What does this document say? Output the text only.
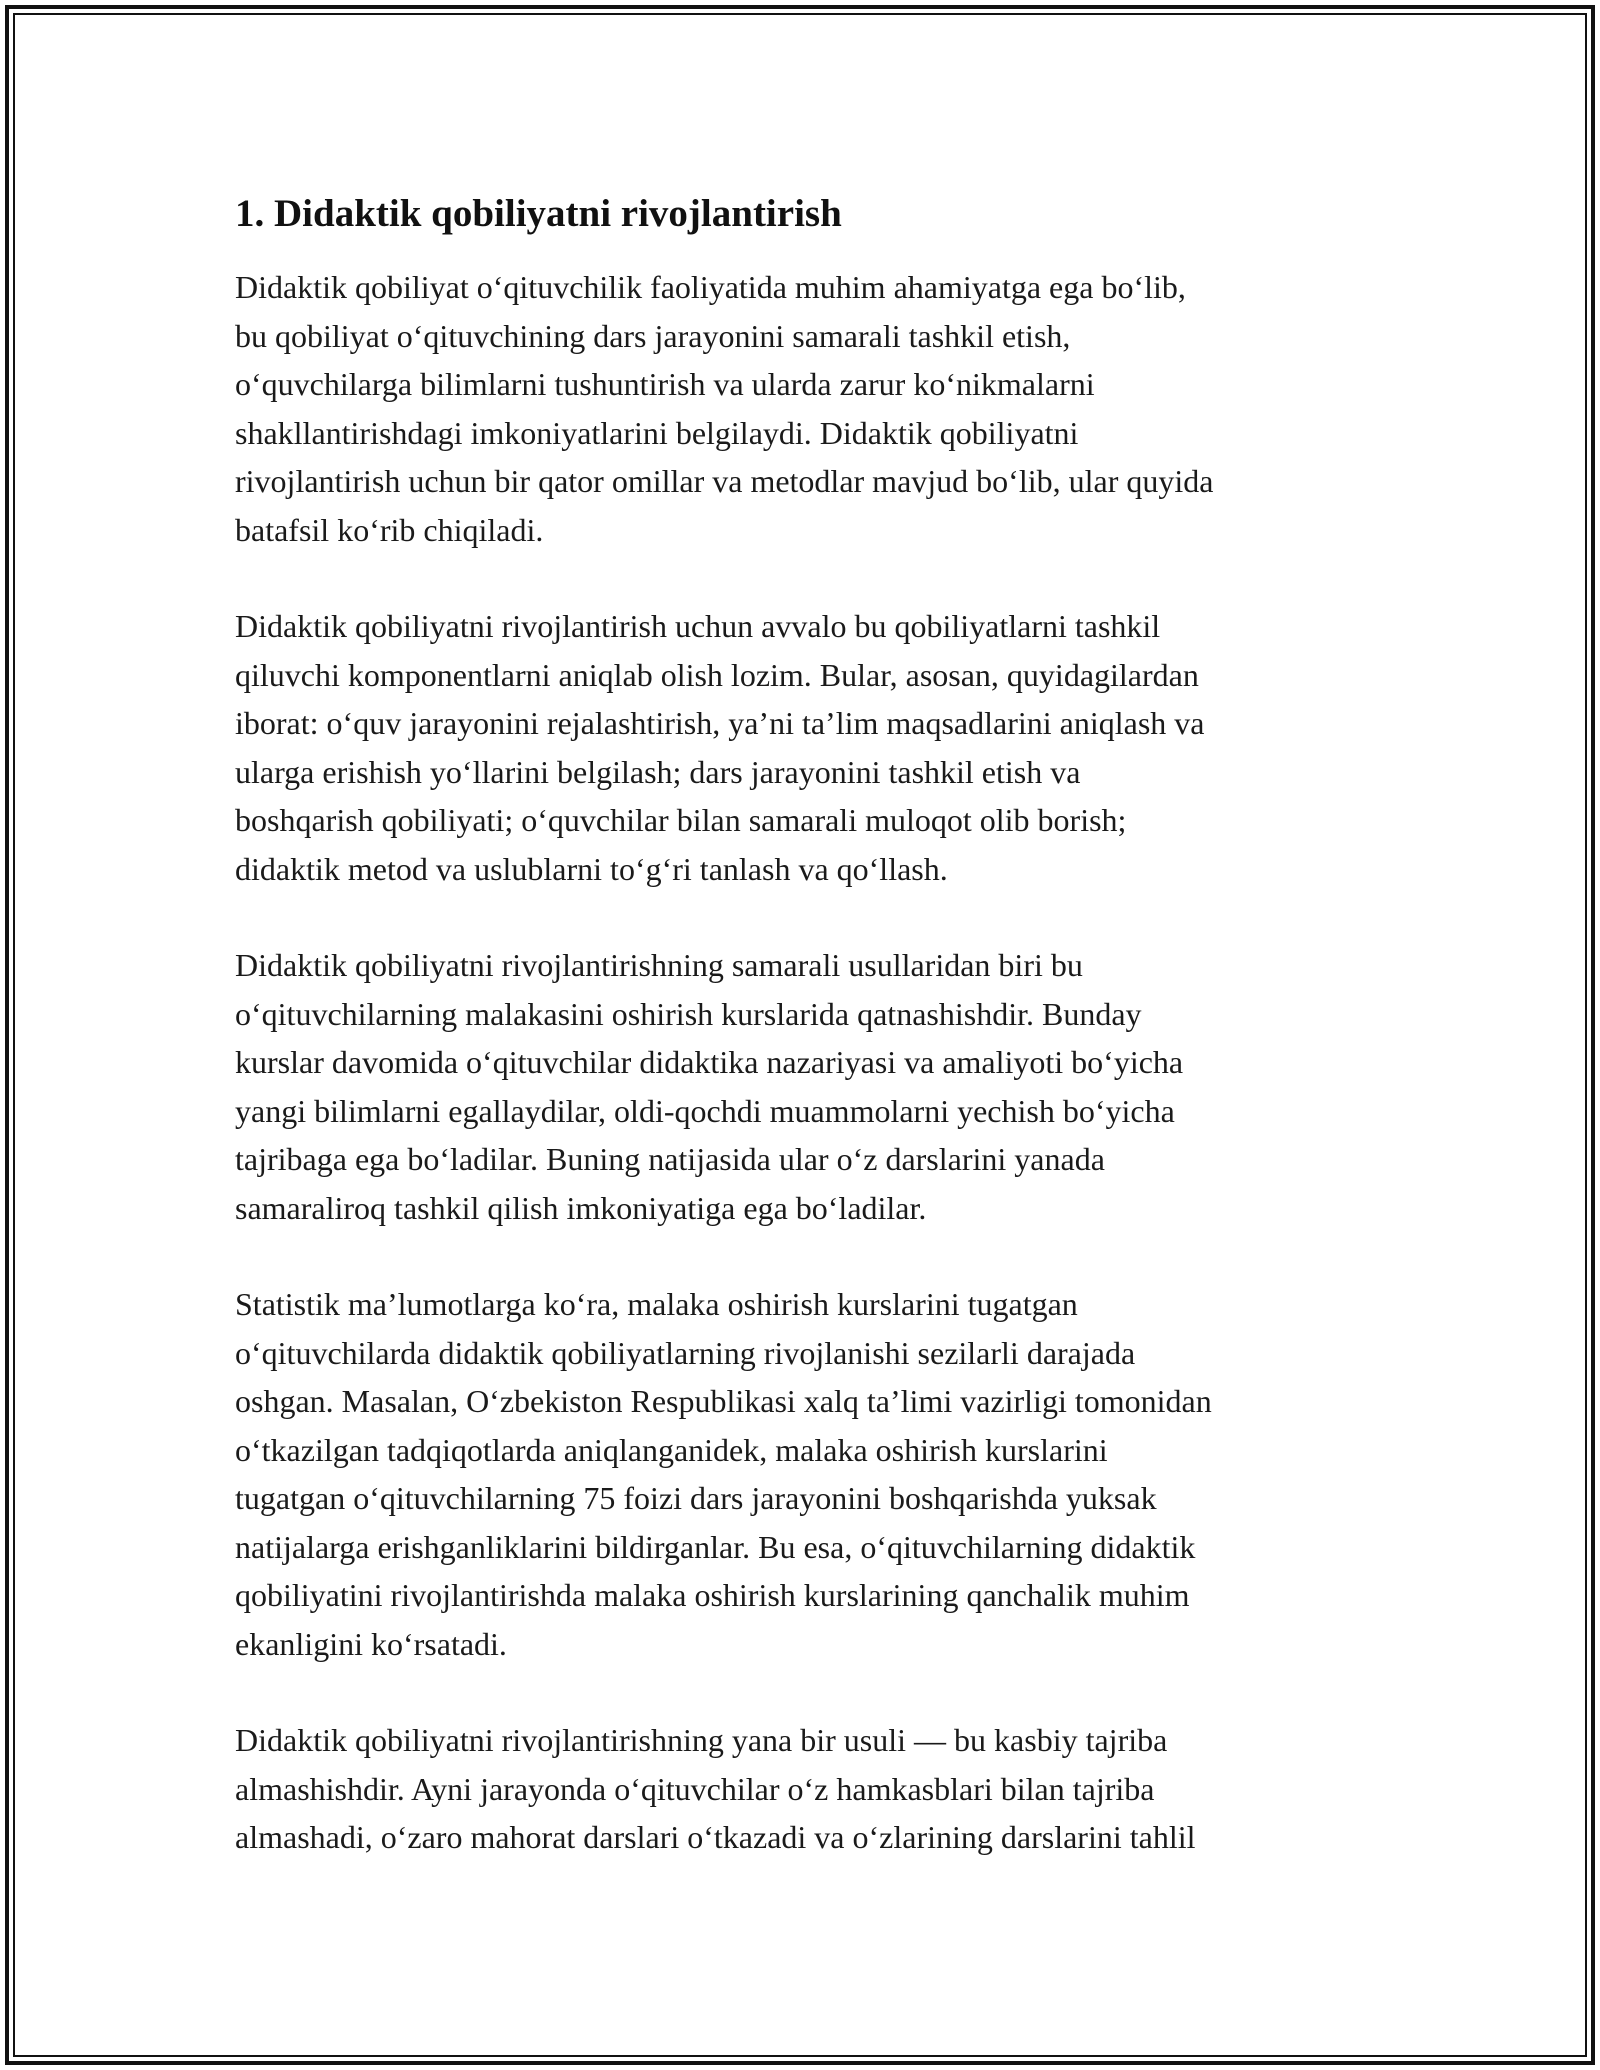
1. Didaktik qobiliyatni rivojlantirish

Didaktik qobiliyat oʻqituvchilik faoliyatida muhim ahamiyatga ega boʻlib,
bu qobiliyat oʻqituvchining dars jarayonini samarali tashkil etish,
oʻquvchilarga bilimlarni tushuntirish va ularda zarur koʻnikmalarni
shakllantirishdagi imkoniyatlarini belgilaydi. Didaktik qobiliyatni
rivojlantirish uchun bir qator omillar va metodlar mavjud boʻlib, ular quyida
batafsil koʻrib chiqiladi.

Didaktik qobiliyatni rivojlantirish uchun avvalo bu qobiliyatlarni tashkil
qiluvchi komponentlarni aniqlab olish lozim. Bular, asosan, quyidagilardan
iborat: oʻquv jarayonini rejalashtirish, ya’ni ta’lim maqsadlarini aniqlash va
ularga erishish yoʻllarini belgilash; dars jarayonini tashkil etish va
boshqarish qobiliyati; oʻquvchilar bilan samarali muloqot olib borish;
didaktik metod va uslublarni toʻgʻri tanlash va qoʻllash.

Didaktik qobiliyatni rivojlantirishning samarali usullaridan biri bu
oʻqituvchilarning malakasini oshirish kurslarida qatnashishdir. Bunday
kurslar davomida oʻqituvchilar didaktika nazariyasi va amaliyoti boʻyicha
yangi bilimlarni egallaydilar, oldi-qochdi muammolarni yechish boʻyicha
tajribaga ega boʻladilar. Buning natijasida ular oʻz darslarini yanada
samaraliroq tashkil qilish imkoniyatiga ega boʻladilar.

Statistik ma’lumotlarga koʻra, malaka oshirish kurslarini tugatgan
oʻqituvchilarda didaktik qobiliyatlarning rivojlanishi sezilarli darajada
oshgan. Masalan, Oʻzbekiston Respublikasi xalq ta’limi vazirligi tomonidan
oʻtkazilgan tadqiqotlarda aniqlanganidek, malaka oshirish kurslarini
tugatgan oʻqituvchilarning 75 foizi dars jarayonini boshqarishda yuksak
natijalarga erishganliklarini bildirganlar. Bu esa, oʻqituvchilarning didaktik
qobiliyatini rivojlantirishda malaka oshirish kurslarining qanchalik muhim
ekanligini koʻrsatadi.

Didaktik qobiliyatni rivojlantirishning yana bir usuli — bu kasbiy tajriba
almashishdir. Ayni jarayonda oʻqituvchilar oʻz hamkasblari bilan tajriba
almashadi, oʻzaro mahorat darslari oʻtkazadi va oʻzlarining darslarini tahlil
